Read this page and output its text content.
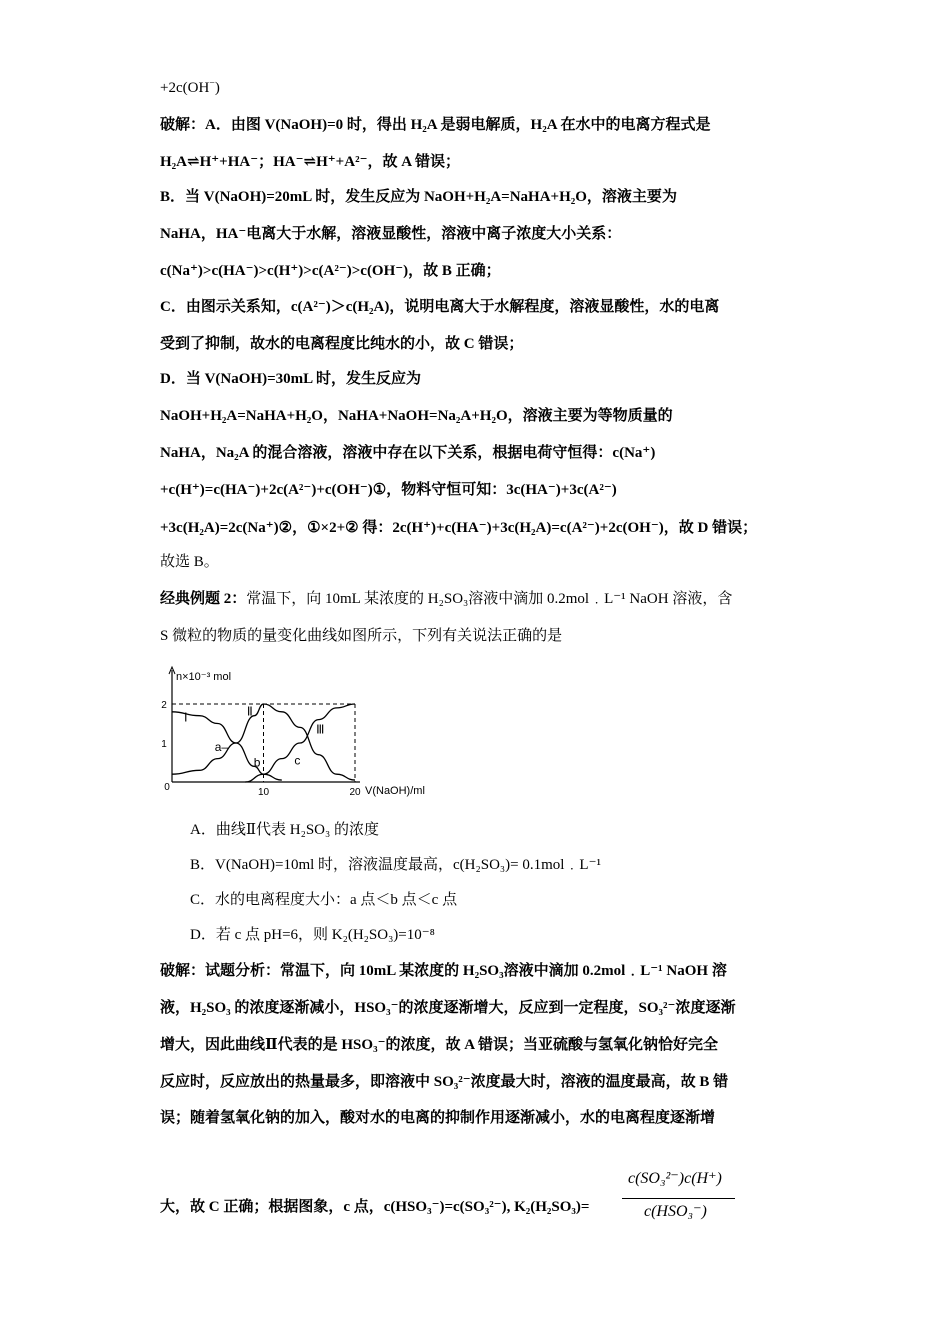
+2c(OH−)
破解：A．由图 V(NaOH)=0 时，得出 H₂A 是弱电解质，H₂A 在水中的电离方程式是
H₂A⇌H⁺+HA⁻；HA⁻⇌H⁺+A²⁻，故 A 错误；
B．当 V(NaOH)=20mL 时，发生反应为 NaOH+H₂A=NaHA+H₂O，溶液主要为
NaHA，HA⁻电离大于水解，溶液显酸性，溶液中离子浓度大小关系：
c(Na⁺)>c(HA⁻)>c(H⁺)>c(A²⁻)>c(OH⁻)，故 B 正确；
C．由图示关系知，c(A²⁻)＞c(H₂A)，说明电离大于水解程度，溶液显酸性，水的电离
受到了抑制，故水的电离程度比纯水的小，故 C 错误；
D．当 V(NaOH)=30mL 时，发生反应为
NaOH+H₂A=NaHA+H₂O，NaHA+NaOH=Na₂A+H₂O，溶液主要为等物质量的
NaHA，Na₂A 的混合溶液，溶液中存在以下关系，根据电荷守恒得：c(Na⁺)
+c(H⁺)=c(HA⁻)+2c(A²⁻)+c(OH⁻)①，物料守恒可知：3c(HA⁻)+3c(A²⁻)
+3c(H₂A)=2c(Na⁺)②，①×2+② 得：2c(H⁺)+c(HA⁻)+3c(H₂A)=c(A²⁻)+2c(OH⁻)，故 D 错误；
故选 B。
经典例题 2：常温下，向 10mL 某浓度的 H₂SO₃溶液中滴加 0.2mol﹒L⁻¹ NaOH 溶液，含
S 微粒的物质的量变化曲线如图所示，下列有关说法正确的是
n×10⁻³ mol
1
2
0	10	20 V(NaOH)/ml
Ⅰ	Ⅱ
Ⅲ
a–
b	c
A．曲线Ⅱ代表 H₂SO₃ 的浓度
B．V(NaOH)=10ml 时，溶液温度最高，c(H₂SO₃)= 0.1mol﹒L⁻¹
C．水的电离程度大小：a 点＜b 点＜c 点
D．若 c 点 pH=6，则 K₂(H₂SO₃)=10⁻⁸
破解：试题分析：常温下，向 10mL 某浓度的 H₂SO₃溶液中滴加 0.2mol﹒L⁻¹ NaOH 溶
液，H₂SO₃ 的浓度逐渐减小，HSO₃⁻的浓度逐渐增大，反应到一定程度，SO₃²⁻浓度逐渐
增大，因此曲线Ⅱ代表的是 HSO₃⁻的浓度，故 A 错误；当亚硫酸与氢氧化钠恰好完全
反应时，反应放出的热量最多，即溶液中 SO₃²⁻浓度最大时，溶液的温度最高，故 B 错
误；随着氢氧化钠的加入，酸对水的电离的抑制作用逐渐减小，水的电离程度逐渐增
大，故 C 正确；根据图象，c 点，c(HSO₃⁻)=c(SO₃²⁻), K₂(H₂SO₃)=
c(SO₃²⁻)c(H⁺)
c(HSO₃⁻)
